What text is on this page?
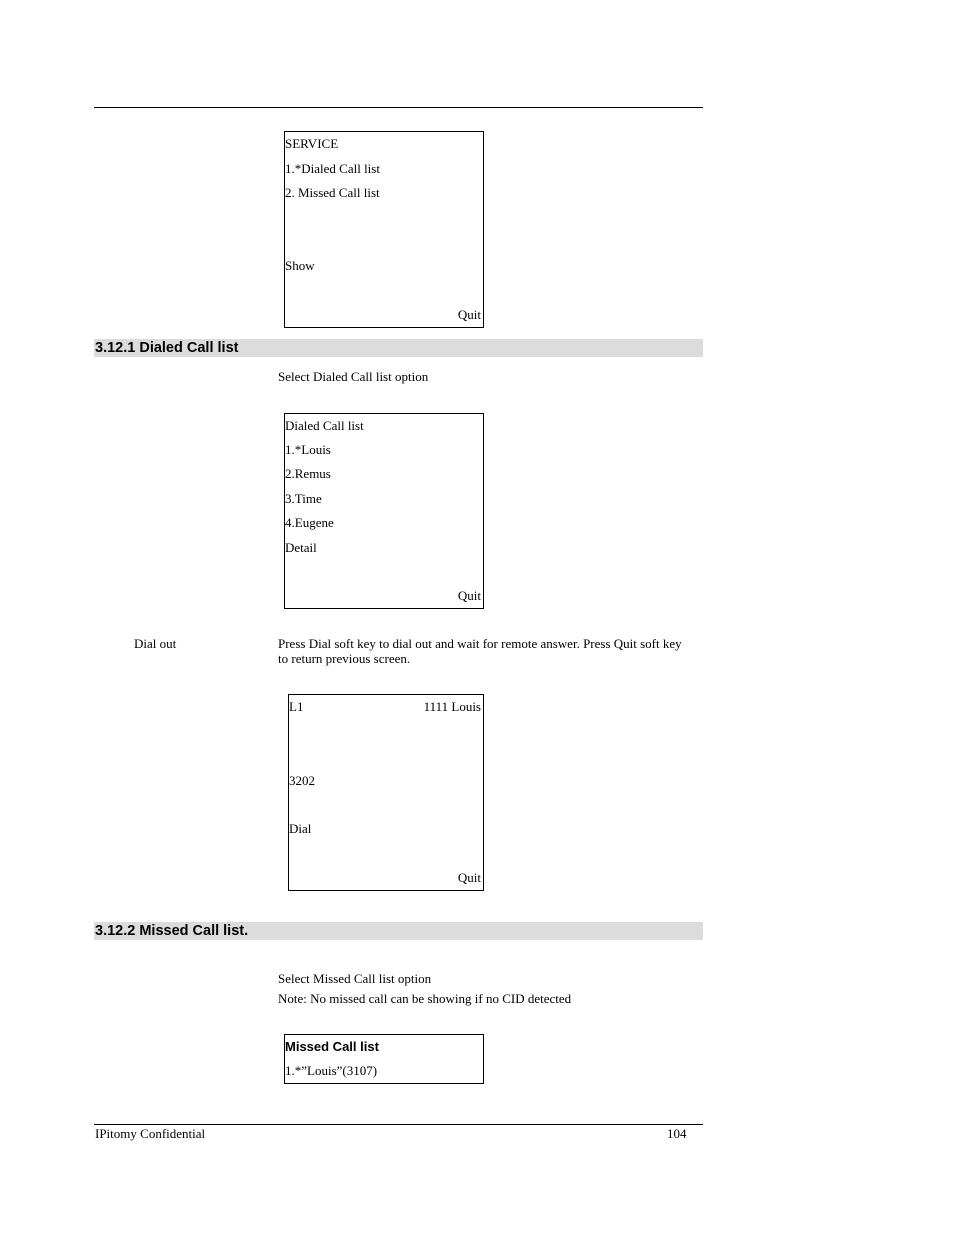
SERVICE
1.*Dialed Call list
2. Missed Call list
Show
Quit
3.12.1 Dialed Call list
Select Dialed Call list option
Dialed Call list
1.*Louis
2.Remus
3.Time
4.Eugene
Detail
Quit
Dial out	Press Dial soft key to dial out and wait for remote answer. Press Quit soft key to return previous screen.
L1	1111 Louis
3202
Dial
Quit
3.12.2 Missed Call list.
Select Missed Call list option
Note: No missed call can be showing if no CID detected
Missed Call list
1.*”Louis”(3107)
IPitomy Confidential	104
